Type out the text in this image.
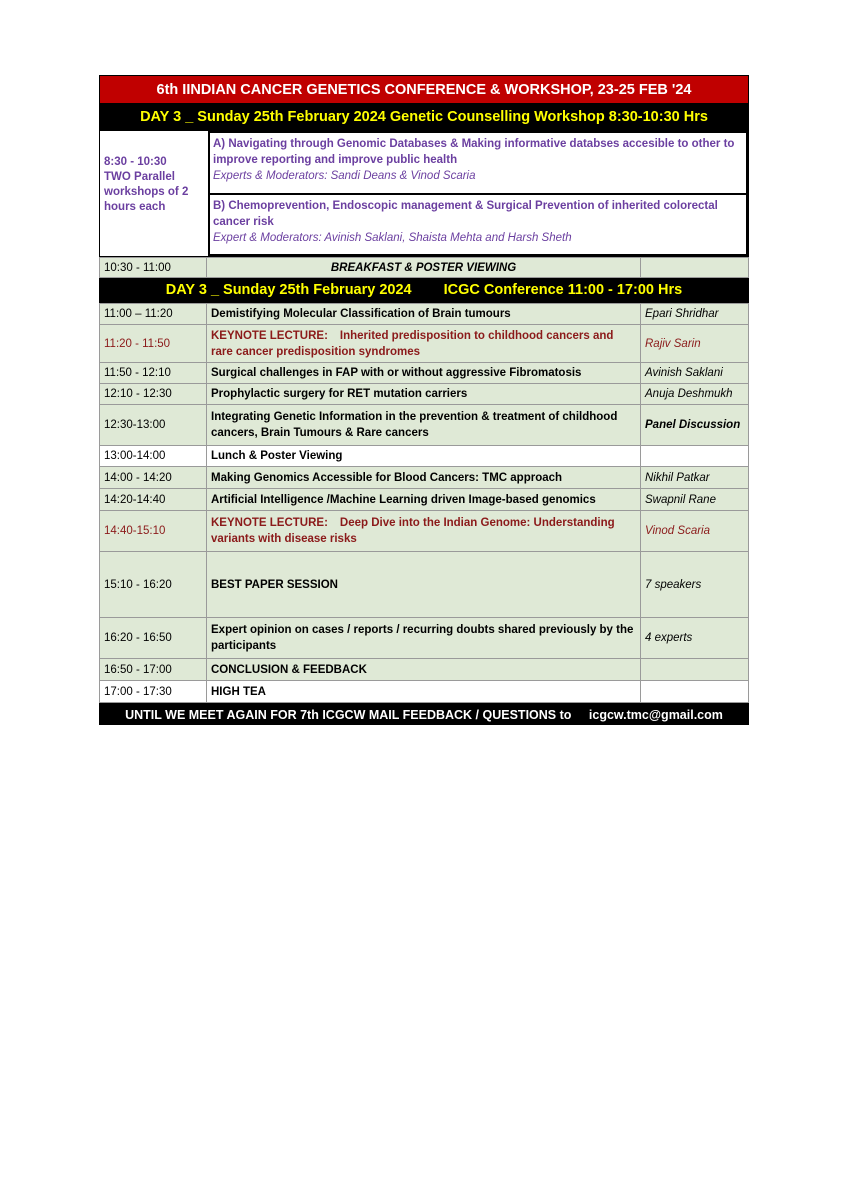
6th IINDIAN CANCER GENETICS CONFERENCE & WORKSHOP, 23-25 FEB '24
DAY 3 _ Sunday 25th February 2024 Genetic Counselling Workshop 8:30-10:30 Hrs
8:30 - 10:30
TWO Parallel workshops of 2 hours each
A) Navigating through Genomic Databases & Making informative databses accesible to other to improve reporting and improve public health
Experts & Moderators: Sandi Deans & Vinod Scaria
B) Chemoprevention, Endoscopic management & Surgical Prevention of inherited colorectal cancer risk
Expert & Moderators: Avinish Saklani, Shaista Mehta and Harsh Sheth
10:30 - 11:00	BREAKFAST & POSTER VIEWING	
DAY 3 _ Sunday 25th February 2024 ICGC Conference 11:00 - 17:00 Hrs
11:00 – 11:20	Demistifying Molecular Classification of Brain tumours	Epari Shridhar
11:20 - 11:50	KEYNOTE LECTURE: Inherited predisposition to childhood cancers and rare cancer predisposition syndromes	Rajiv Sarin
11:50 - 12:10	Surgical challenges in FAP with or without aggressive Fibromatosis	Avinish Saklani
12:10 - 12:30	Prophylactic surgery for RET mutation carriers	Anuja Deshmukh
12:30-13:00	Integrating Genetic Information in the prevention & treatment of childhood cancers, Brain Tumours & Rare cancers	Panel Discussion
13:00-14:00	Lunch & Poster Viewing	
14:00 - 14:20	Making Genomics Accessible for Blood Cancers: TMC approach	Nikhil Patkar
14:20-14:40	Artificial Intelligence /Machine Learning driven Image-based genomics	Swapnil Rane
14:40-15:10	KEYNOTE LECTURE: Deep Dive into the Indian Genome: Understanding variants with disease risks	Vinod Scaria
15:10 - 16:20	BEST PAPER SESSION	7 speakers
16:20 - 16:50	Expert opinion on cases / reports / recurring doubts shared previously by the participants	4 experts
16:50 - 17:00	CONCLUSION & FEEDBACK	
17:00 - 17:30	HIGH TEA	
UNTIL WE MEET AGAIN FOR 7th ICGCW MAIL FEEDBACK / QUESTIONS to icgcw.tmc@gmail.com
